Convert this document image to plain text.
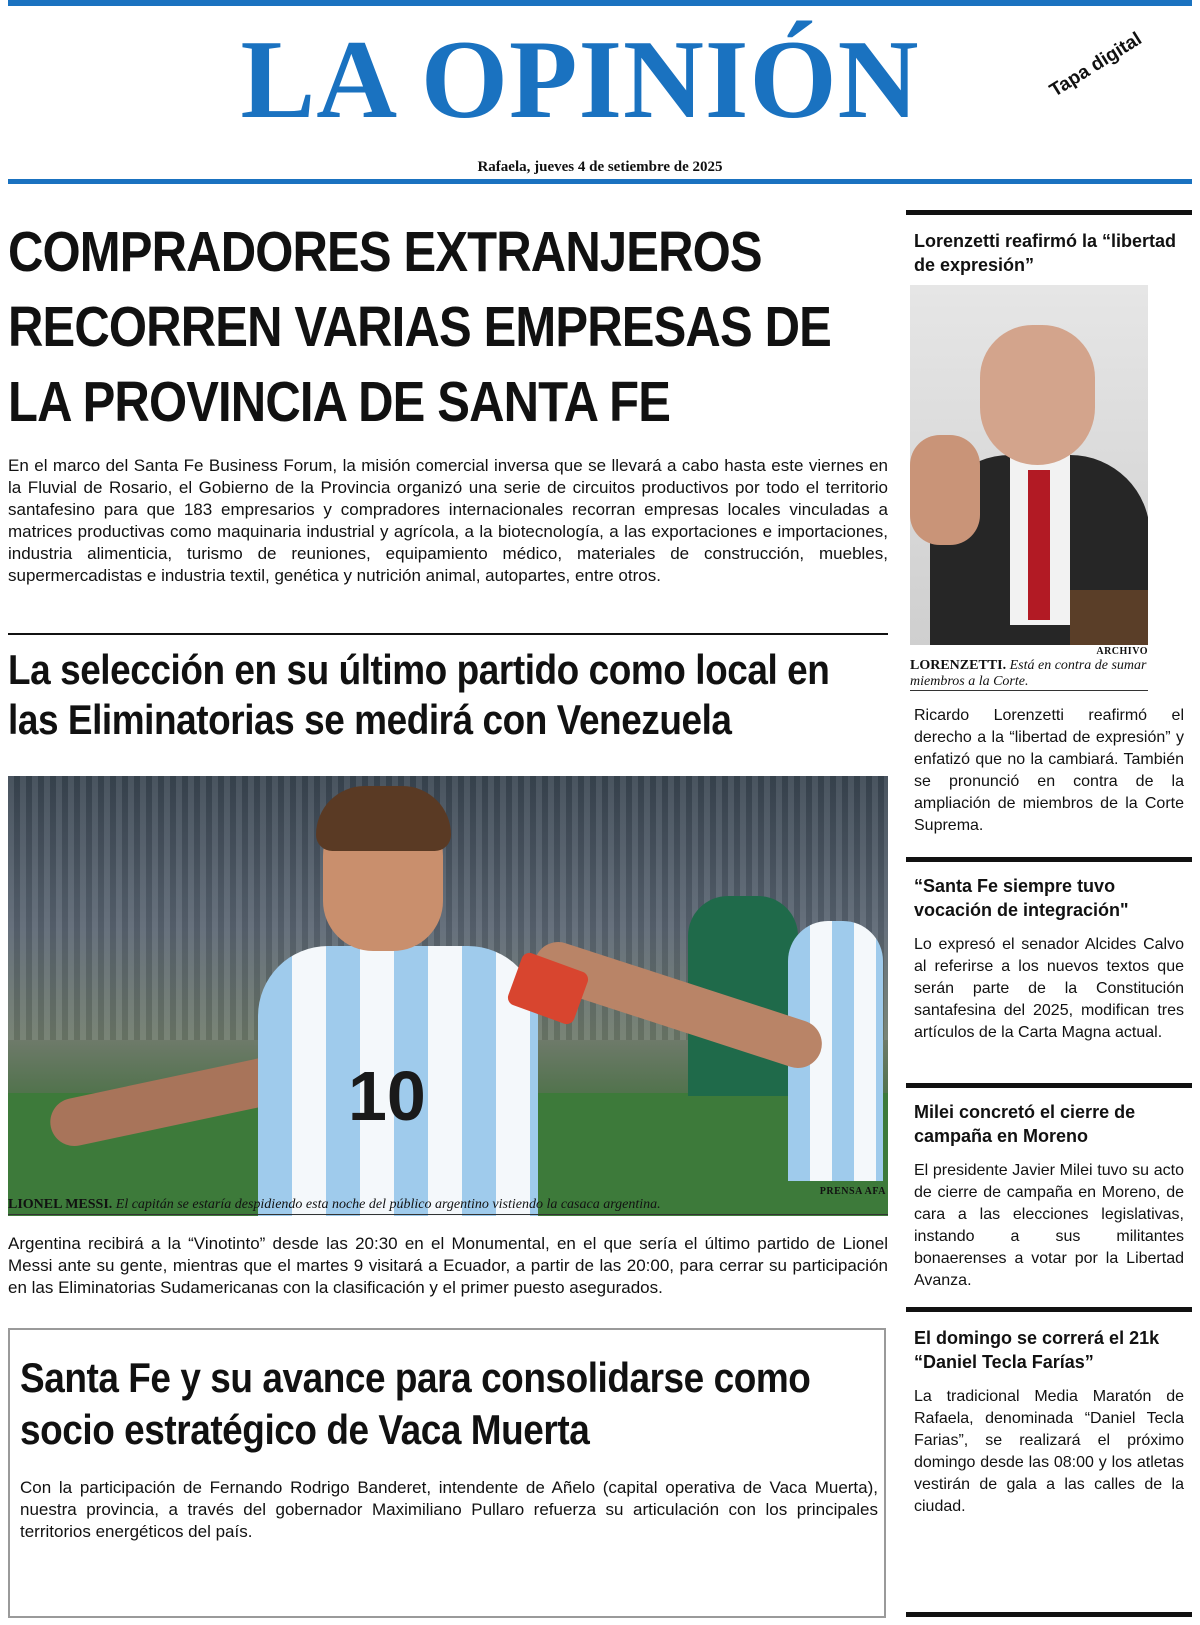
LA OPINIÓN	Tapa digital
Rafaela, jueves 4 de setiembre de 2025
COMPRADORES EXTRANJEROS RECORREN VARIAS EMPRESAS DE LA PROVINCIA DE SANTA FE

En el marco del Santa Fe Business Forum, la misión comercial inversa que se llevará a cabo hasta este viernes en la Fluvial de Rosario, el Gobierno de la Provincia organizó una serie de circuitos productivos por todo el territorio santafesino para que 183 empresarios y compradores internacionales recorran empresas locales vinculadas a matrices productivas como maquinaria industrial y agrícola, a la biotecnología, a las exportaciones e importaciones, industria alimenticia, turismo de reuniones, equipamiento médico, materiales de construcción, muebles, supermercadistas e industria textil, genética y nutrición animal, autopartes, entre otros.

La selección en su último partido como local en las Eliminatorias se medirá con Venezuela
10
PRENSA AFA

LIONEL MESSI. El capitán se estaría despidiendo esta noche del público argentino vistiendo la casaca argentina.

Argentina recibirá a la “Vinotinto” desde las 20:30 en el Monumental, en el que sería el último partido de Lionel Messi ante su gente, mientras que el martes 9 visitará a Ecuador, a partir de las 20:00, para cerrar su participación en las Eliminatorias Sudamericanas con la clasificación y el primer puesto asegurados.

Santa Fe y su avance para consolidarse como socio estratégico de Vaca Muerta

Con la participación de Fernando Rodrigo Banderet, intendente de Añelo (capital operativa de Vaca Muerta), nuestra provincia, a través del gobernador Maximiliano Pullaro refuerza su articulación con los principales territorios energéticos del país.

Lorenzetti reafirmó la “libertad de expresión”
ARCHIVO

LORENZETTI. Está en contra de sumar miembros a la Corte.

Ricardo Lorenzetti reafirmó el derecho a la “libertad de expresión” y enfatizó que no la cambiará. También se pronunció en contra de la ampliación de miembros de la Corte Suprema.

“Santa Fe siempre tuvo vocación de integración"

Lo expresó el senador Alcides Calvo al referirse a los nuevos textos que serán parte de la Constitución santafesina del 2025, modifican tres artículos de la Carta Magna actual.

Milei concretó el cierre de campaña en Moreno

El presidente Javier Milei tuvo su acto de cierre de campaña en Moreno, de cara a las elecciones legislativas, instando a sus militantes bonaerenses a votar por la Libertad Avanza.

El domingo se correrá el 21k “Daniel Tecla Farías”

La tradicional Media Maratón de Rafaela, denominada “Daniel Tecla Farias”, se realizará el próximo domingo desde las 08:00 y los atletas vestirán de gala a las calles de la ciudad.
